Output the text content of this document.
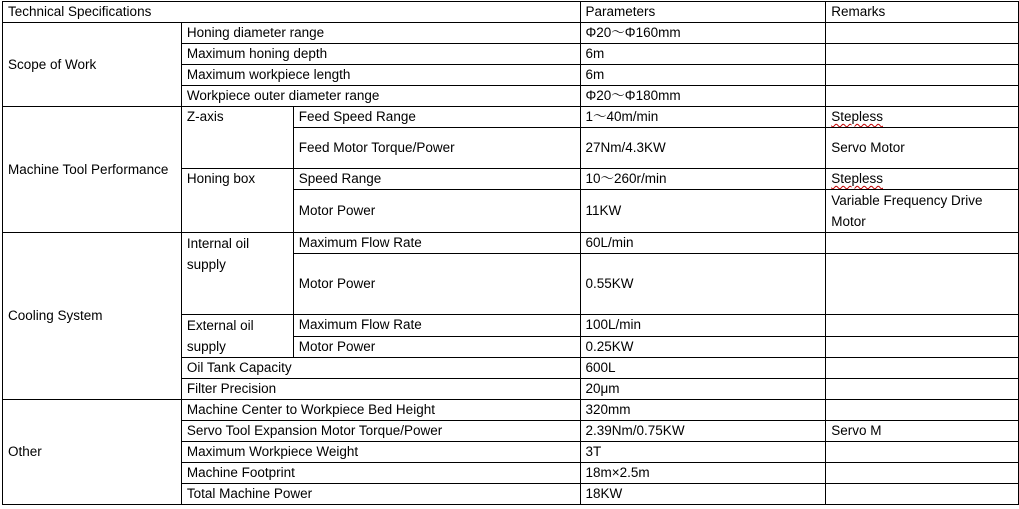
Technical Specifications			Parameters	Remarks
Scope of Work	Honing diameter range		Φ20～Φ160mm	
	Maximum honing depth		6m	
	Maximum workpiece length		6m	
	Workpiece outer diameter range		Φ20～Φ180mm	
Machine Tool Performance	Z-axis	Feed Speed Range	1～40m/min	Stepless
		Feed Motor Torque/Power	27Nm/4.3KW	Servo Motor
	Honing box	Speed Range	10～260r/min	Stepless
		Motor Power	11KW	Variable Frequency Drive Motor
Cooling System	Internal oil supply	Maximum Flow Rate	60L/min	
		Motor Power	0.55KW	
	External oil supply	Maximum Flow Rate	100L/min	
		Motor Power	0.25KW	
	Oil Tank Capacity		600L	
	Filter Precision		20μm	
Other	Machine Center to Workpiece Bed Height		320mm	
	Servo Tool Expansion Motor Torque/Power		2.39Nm/0.75KW	Servo M
	Maximum Workpiece Weight		3T	
	Machine Footprint		18m×2.5m	
	Total Machine Power		18KW	
